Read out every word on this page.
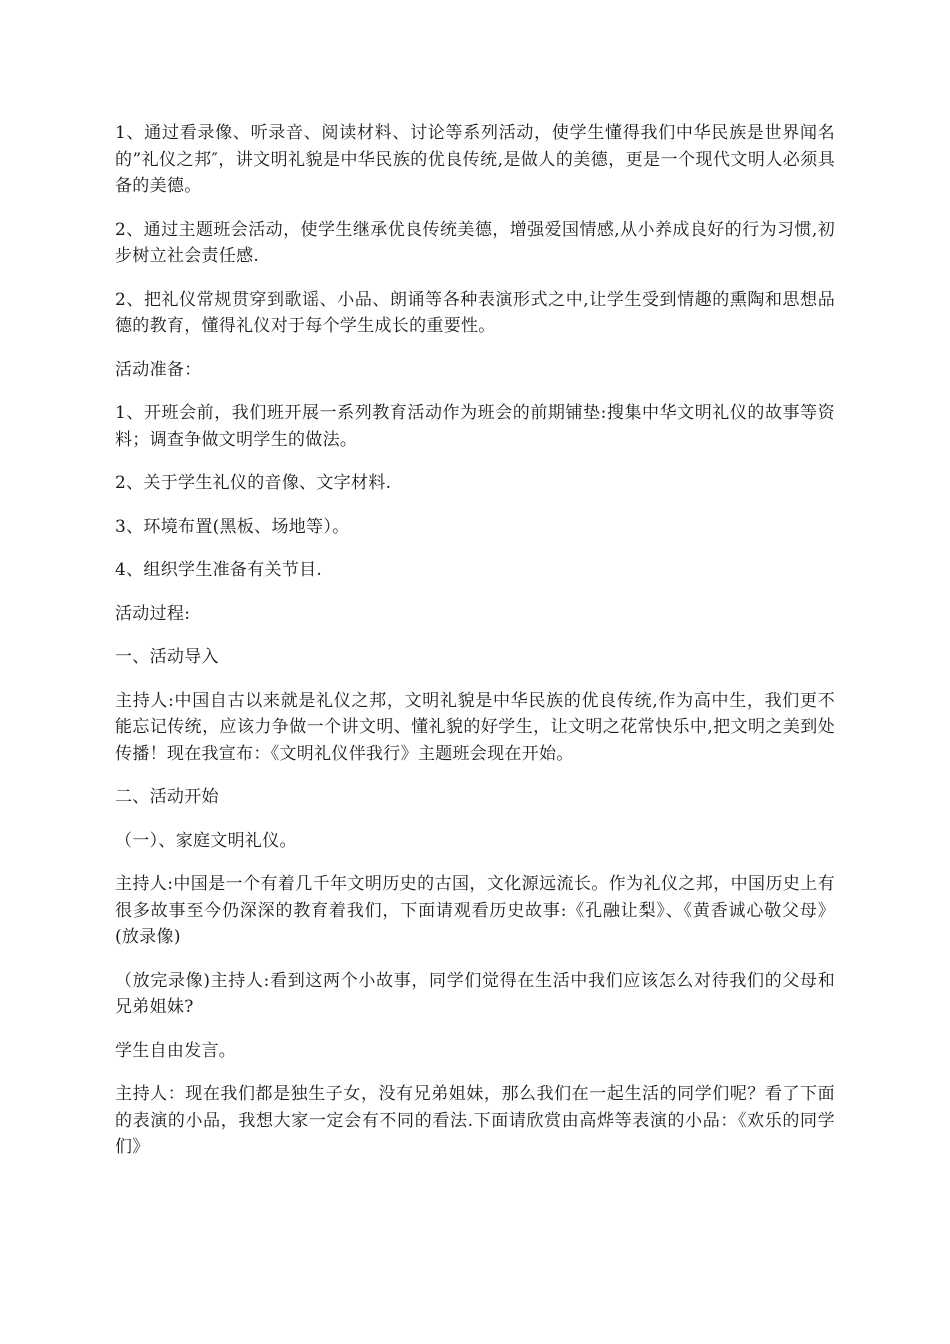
1、通过看录像、听录音、阅读材料、讨论等系列活动，使学生懂得我们中华民族是世界闻名的”礼仪之邦″，讲文明礼貌是中华民族的优良传统,是做人的美德，更是一个现代文明人必须具备的美德。

2、通过主题班会活动，使学生继承优良传统美德，增强爱国情感,从小养成良好的行为习惯,初步树立社会责任感.

2、把礼仪常规贯穿到歌谣、小品、朗诵等各种表演形式之中,让学生受到情趣的熏陶和思想品德的教育，懂得礼仪对于每个学生成长的重要性。

活动准备：

1、开班会前，我们班开展一系列教育活动作为班会的前期铺垫:搜集中华文明礼仪的故事等资料；调查争做文明学生的做法。

2、关于学生礼仪的音像、文字材料.

3、环境布置(黑板、场地等）。

4、组织学生准备有关节目.

活动过程:

一、活动导入

主持人:中国自古以来就是礼仪之邦，文明礼貌是中华民族的优良传统,作为高中生，我们更不能忘记传统，应该力争做一个讲文明、懂礼貌的好学生，让文明之花常快乐中,把文明之美到处传播！现在我宣布：《文明礼仪伴我行》主题班会现在开始。

二、活动开始

（一）、家庭文明礼仪。

主持人:中国是一个有着几千年文明历史的古国，文化源远流长。作为礼仪之邦，中国历史上有很多故事至今仍深深的教育着我们，下面请观看历史故事:《孔融让梨》、《黄香诚心敬父母》(放录像)

（放完录像)主持人:看到这两个小故事，同学们觉得在生活中我们应该怎么对待我们的父母和兄弟姐妹?

学生自由发言。

主持人：现在我们都是独生子女，没有兄弟姐妹，那么我们在一起生活的同学们呢？看了下面的表演的小品，我想大家一定会有不同的看法.下面请欣赏由高烨等表演的小品：《欢乐的同学们》
